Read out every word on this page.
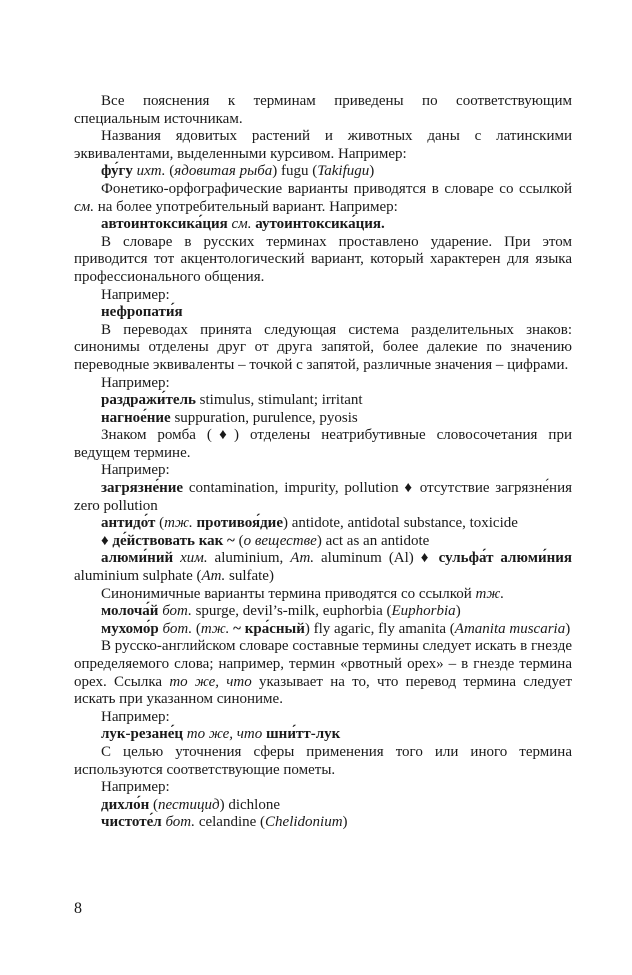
Все пояснения к терминам приведены по соответствующим специальным источникам.

Названия ядовитых растений и животных даны с латинскими эквивалентами, выделенными курсивом. Например:

фу́гу ихт. (ядовитая рыба) fugu (Takifugu)

Фонетико-орфографические варианты приводятся в словаре со ссылкой см. на более употребительный вариант. Например:

автоинтоксика́ция см. аутоинтоксика́ция.

В словаре в русских терминах проставлено ударение. При этом приводится тот акцентологический вариант, который характерен для языка профессионального общения.

Например:

нефропати́я

В переводах принята следующая система разделительных знаков: синонимы отделены друг от друга запятой, более далекие по значению переводные эквиваленты – точкой с запятой, различные значения – цифрами.

Например:

раздражи́тель stimulus, stimulant; irritant

нагное́ние suppuration, purulence, pyosis

Знаком ромба (♦) отделены неатрибутивные словосочетания при ведущем термине.

Например:

загрязне́ние contamination, impurity, pollution ♦ отсутствие загрязне́ния zero pollution

антидо́т (тж. противоя́дие) antidote, antidotal substance, toxicide

♦ де́йствовать как ~ (о веществе) act as an antidote

алюми́ний хим. aluminium, Am. aluminum (Al) ♦ сульфа́т алюми́ния aluminium sulphate (Am. sulfate)

Синонимичные варианты термина приводятся со ссылкой тж.

молоча́й бот. spurge, devil’s-milk, euphorbia (Euphorbia)

мухомо́р бот. (тж. ~ кра́сный) fly agaric, fly amanita (Amanita muscaria)

В русско-английском словаре составные термины следует искать в гнезде определяемого слова; например, термин «рвотный орех» – в гнезде термина орех. Ссылка то же, что указывает на то, что перевод термина следует искать при указанном синониме.

Например:

лук-резане́ц то же, что шни́тт-лук

С целью уточнения сферы применения того или иного термина используются соответствующие пометы.

Например:

дихло́н (пестицид) dichlone

чистоте́л бот. celandine (Chelidonium)

8
